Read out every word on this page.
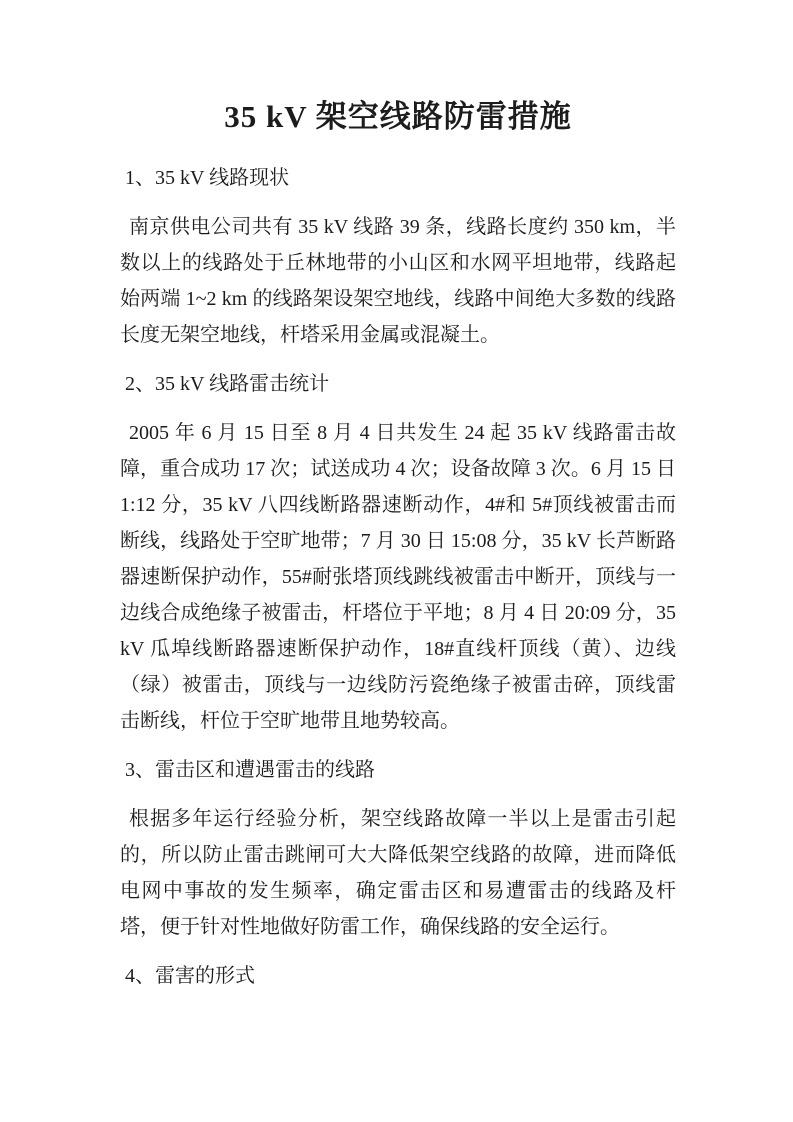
35 kV 架空线路防雷措施
1、35 kV 线路现状

南京供电公司共有 35 kV 线路 39 条，线路长度约 350 km，半数以上的线路处于丘林地带的小山区和水网平坦地带，线路起始两端 1~2 km 的线路架设架空地线，线路中间绝大多数的线路长度无架空地线，杆塔采用金属或混凝土。

2、35 kV 线路雷击统计

2005 年 6 月 15 日至 8 月 4 日共发生 24 起 35 kV 线路雷击故障，重合成功 17 次；试送成功 4 次；设备故障 3 次。6 月 15 日 1:12 分，35 kV 八四线断路器速断动作，4#和 5#顶线被雷击而断线，线路处于空旷地带；7 月 30 日 15:08 分，35 kV 长芦断路器速断保护动作，55#耐张塔顶线跳线被雷击中断开，顶线与一边线合成绝缘子被雷击，杆塔位于平地；8 月 4 日 20:09 分，35 kV 瓜埠线断路器速断保护动作，18#直线杆顶线（黄）、边线（绿）被雷击，顶线与一边线防污瓷绝缘子被雷击碎，顶线雷击断线，杆位于空旷地带且地势较高。

3、雷击区和遭遇雷击的线路

根据多年运行经验分析，架空线路故障一半以上是雷击引起的，所以防止雷击跳闸可大大降低架空线路的故障，进而降低电网中事故的发生频率，确定雷击区和易遭雷击的线路及杆塔，便于针对性地做好防雷工作，确保线路的安全运行。

4、雷害的形式
